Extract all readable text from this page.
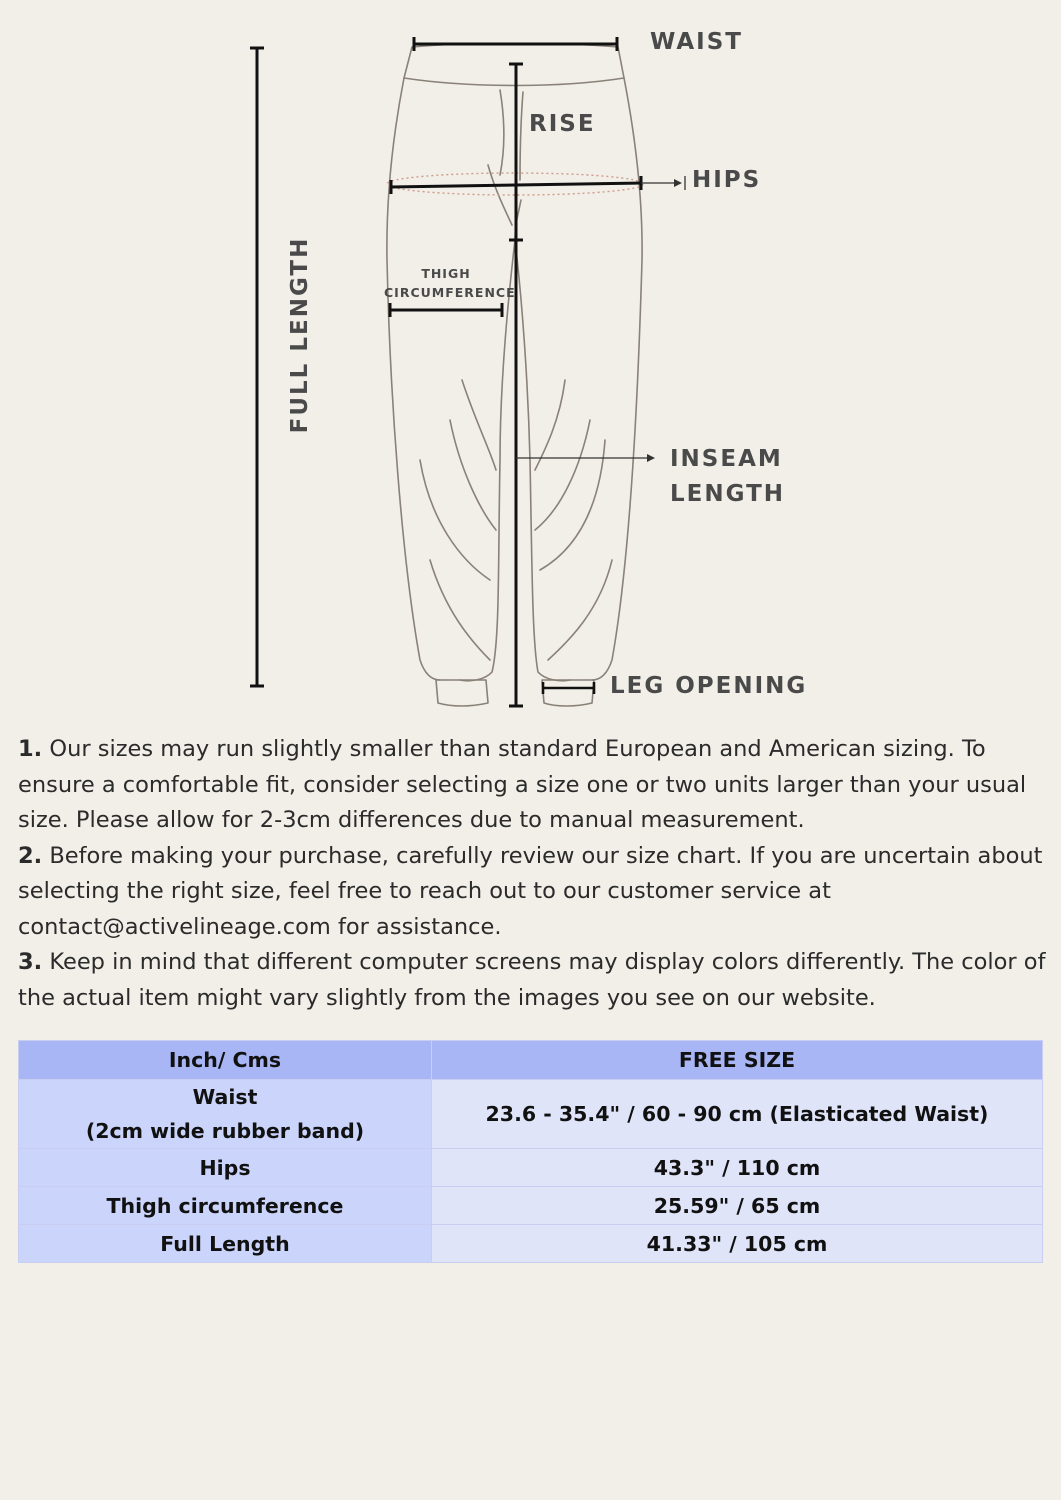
WAIST
RISE
HIPS
THIGH
CIRCUMFERENCE
INSEAM
LENGTH
LEG OPENING
FULL LENGTH

1. Our sizes may run slightly smaller than standard European and American sizing. To ensure a comfortable fit, consider selecting a size one or two units larger than your usual size. Please allow for 2-3cm differences due to manual measurement.

2. Before making your purchase, carefully review our size chart. If you are uncertain about selecting the right size, feel free to reach out to our customer service at contact@activelineage.com for assistance.

3. Keep in mind that different computer screens may display colors differently. The color of the actual item might vary slightly from the images you see on our website.

Inch/ Cms	FREE SIZE

Waist
(2cm wide rubber band)	23.6 - 35.4" / 60 - 90 cm (Elasticated Waist)
Hips	43.3" / 110 cm
Thigh circumference	25.59" / 65 cm
Full Length	41.33" / 105 cm
